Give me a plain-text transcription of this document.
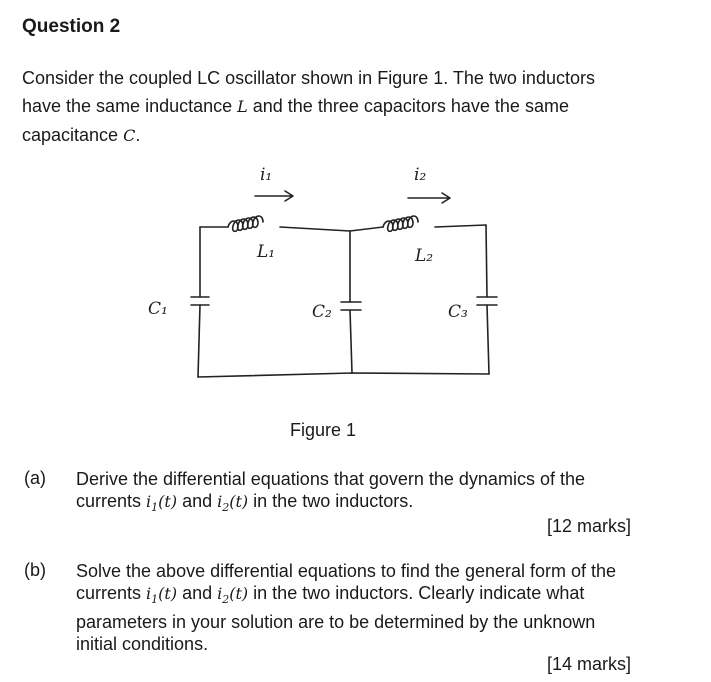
Question 2
Consider the coupled LC oscillator shown in Figure 1. The two inductors have the same inductance L and the three capacitors have the same capacitance C.
i₁	i₂
L₁	L₂
C₁	C₂	C₃
Figure 1
(a) Derive the differential equations that govern the dynamics of the currents $i_1(t)$ and $i_2(t)$ in the two inductors.
[12 marks]
(b) Solve the above differential equations to find the general form of the currents $i_1(t)$ and $i_2(t)$ in the two inductors. Clearly indicate what parameters in your solution are to be determined by the unknown initial conditions.
[14 marks]
